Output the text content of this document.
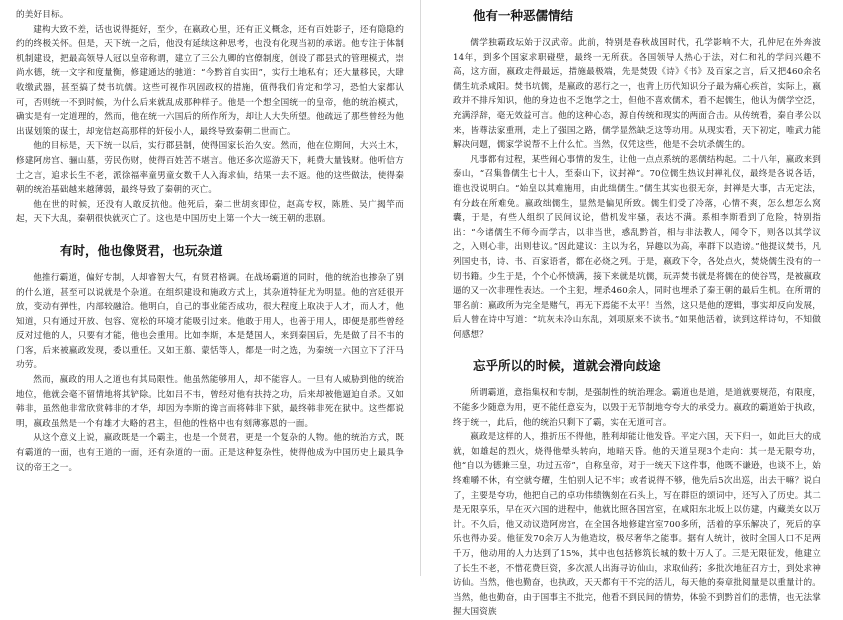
的美好目标。

建构大致不差，话也说得挺好，至少，在嬴政心里，还有正义概念，还有百姓影子，还有隐隐约约的终极关怀。但是，天下统一之后，他没有延续这种思考，也没有化现当初的承诺。他专注于体制机制建设，把最高领导人冠以皇帝称谓，建立了三公九卿的官僚制度，创设了郡县式的管理模式，崇尚水德，统一文字和度量衡，修建通达的驰道：“今黔首自实田”，实行土地私有；还大量移民，大肆收缴武器，甚至搞了焚书坑儒。这些可视作巩固政权的措施，值得我们肯定和学习，恐怕大家都认可，否则统一不到时候，为什么后来就乱成那种样子。他是一个想全国统一的皇帝，他的统治模式，确实是有一定道理的，然而，他在统一六国后的所作所为，却让人大失所望。他疏远了那些曾经为他出谋划策的谋士，却宠信赵高那样的奸佞小人，最终导致秦朝二世而亡。

他的目标是，天下统一以后，实行郡县制，使得国家长治久安。然而，他在位期间，大兴土木，修建阿房宫、骊山墓，劳民伤财，使得百姓苦不堪言。他还多次巡游天下，耗费大量钱财。他听信方士之言，追求长生不老，派徐福率童男童女数千人入海求仙，结果一去不返。他的这些做法，使得秦朝的统治基础越来越薄弱，最终导致了秦朝的灭亡。

他在世的时候，还没有人敢反抗他。他死后，秦二世胡亥即位，赵高专权，陈胜、吴广揭竿而起，天下大乱，秦朝很快就灭亡了。这也是中国历史上第一个大一统王朝的悲剧。

有时，他也像贤君，也玩杂道

他推行霸道，偏好专制，人却睿智大气，有贤君格调。在战场霸道的同时，他的统治也掺杂了别的什么道，甚至可以说就是个杂道。在组织建设和施政方式上，其杂道特征尤为明显。他的宫廷很开放，变动有弹性，内部较融洽。他明白，自己的事业能否成功，很大程度上取决于人才，而人才，他知道，只有通过开放、包容、宽松的环境才能吸引过来。他敢于用人，也善于用人，即便是那些曾经反对过他的人，只要有才能，他也会重用。比如李斯，本是楚国人，来到秦国后，先是做了吕不韦的门客，后来被嬴政发现，委以重任。又如王翦、蒙恬等人，都是一时之选，为秦统一六国立下了汗马功劳。

然而，嬴政的用人之道也有其局限性。他虽然能够用人，却不能容人。一旦有人威胁到他的统治地位，他就会毫不留情地将其铲除。比如吕不韦，曾经对他有扶持之功，后来却被他逼迫自杀。又如韩非，虽然他非常欣赏韩非的才华，却因为李斯的谗言而将韩非下狱，最终韩非死在狱中。这些都说明，嬴政虽然是一个有雄才大略的君主，但他的性格中也有刻薄寡恩的一面。

从这个意义上说，嬴政既是一个霸主，也是一个贤君，更是一个复杂的人物。他的统治方式，既有霸道的一面，也有王道的一面，还有杂道的一面。正是这种复杂性，使得他成为中国历史上最具争议的帝王之一。

他有一种恶儒情结

儒学独霸政坛始于汉武帝。此前，特别是春秋战国时代，孔学影响不大，孔仲尼在外奔波14年，到多个国家求职碰壁，最终一无所获。各国领导人热心于法，对仁和礼的学问兴趣不高，这方面，嬴政走得最远，措施最极端，先是焚毁《诗》《书》及百家之言，后又把460余名儒生坑杀咸阳。焚书坑儒，是嬴政的恶行之一，也背上历代知识分子最为痛心疾首，实际上，嬴政并不排斥知识，他的身边也不乏饱学之士，但他不喜欢儒术，看不起儒生，他认为儒学空泛，充满浮辞，毫无效益可言。他的这种心态，源自传统和现实的两面合击。从传统看，秦自孝公以来，皆尊法家重刑，走上了强国之路，儒学显然缺乏这等功用。从现实看，天下初定，唯武力能解决问题，儒家学说帮不上什么忙。当然，仅凭这些，他是不会坑杀儒生的。

凡事都有过程，某些闹心事情的发生，让他一点点系统的恶儒结构起。二十八年，嬴政来到泰山，“召集鲁儒生七十人，至泰山下，议封禅”。70位儒生热议封禅礼仪，最终是各说各话，谁也没说明白。“始皇以其难施用，由此绌儒生。”儒生其实也很无奈，封禅是大事，古无定法，有分歧在所难免。嬴政绌儒生，显然是偏见所致。儒生们受了冷落，心情不爽，怎么想怎么窝囊，于是，有些人组织了民间议论，借机发牢骚，表达不满。系相李斯看到了危险，特别指出：“今诸儒生不师今而学古，以非当世，惑乱黔首，相与非法教人，闻令下，则各以其学议之，入则心非，出则巷议。”因此建议：主以为名，异趣以为高，率群下以造谤。”他提议焚书，凡列国史书，诗、书、百家语者，都在必烧之列。于是，嬴政下令，各处点火，焚烧儒生没有的一切书籍。少生于是，个个心怀愤满，接下来就是坑儒，玩弄焚书就是将儒在的使谷骂，是被嬴政逼的又一次非理性表达。一个主犯，埋杀460余人，同时也埋杀了秦王朝的最后生机。在所谓的罪名前：嬴政所为完全是赌气，再无下焉能不太平！当然，这只是他的逻辑，事实却反向发展，后人曾在诗中写道：“坑灰未冷山东乱，刘项原来不读书。”如果他活着，读到这样诗句，不知做何感想？

忘乎所以的时候，道就会滑向歧途

所谓霸道，意指集权和专制，是强制性的统治理念。霸道也是道，是道就要规范，有限度，不能多少随意为用，更不能任意妄为，以毁于无节制地夸夸大的承受力。嬴政的霸道始于执政，终于统一，此后，他的统治只剩下了霸，实在无道可言。

嬴政是这样的人，推折压不得他，胜利却能让他发昏。平定六国，天下归一，如此巨大的成就，如雄起的烈火，烧得他晕头转向，地暗天昏。他的天道呈现3个走向：其一是无限夸功，他“自以为德兼三皇，功过五帝”，自称皇帝，对于一统天下这件事，他既不谦逊，也谈不上，始终难嚼不休，有空就夸耀，生怕别人记不牢；或者说得不够，他先后5次出巡，出去干嘛？说白了，主要是夸功，他把自己的卓功伟绩镌刻在石头上，写在群臣的颂词中，还写入了历史。其二是无限享乐，早在灭六国的进程中，他就比照各国宫室，在咸阳东北坂上以仿建，内藏美女以万计。不久后，他又动议造阿房宫，在全国各地修建宫室700多所，活着的享乐解决了，死后的享乐也得办妥。他征发70余万人为他造坟，极尽奢华之能事。据有人统计，彼时全国人口不足两千万，他动用的人力达到了15%，其中也包括修筑长城的数十万人了。三是无限征发，他建立了长生不老，不惜花费巨资，多次派人出海寻访仙山，求取仙药；多批次地征召方士，到处求神访仙。当然，他也勤奋，也执政，天天都有干不完的活儿，每天他的奏章批阅量是以重量计的。当然，他也勤奋，由于国事主不批完，他看不到民间的情势，体验不到黔首们的悲情，也无法掌握大国资族
